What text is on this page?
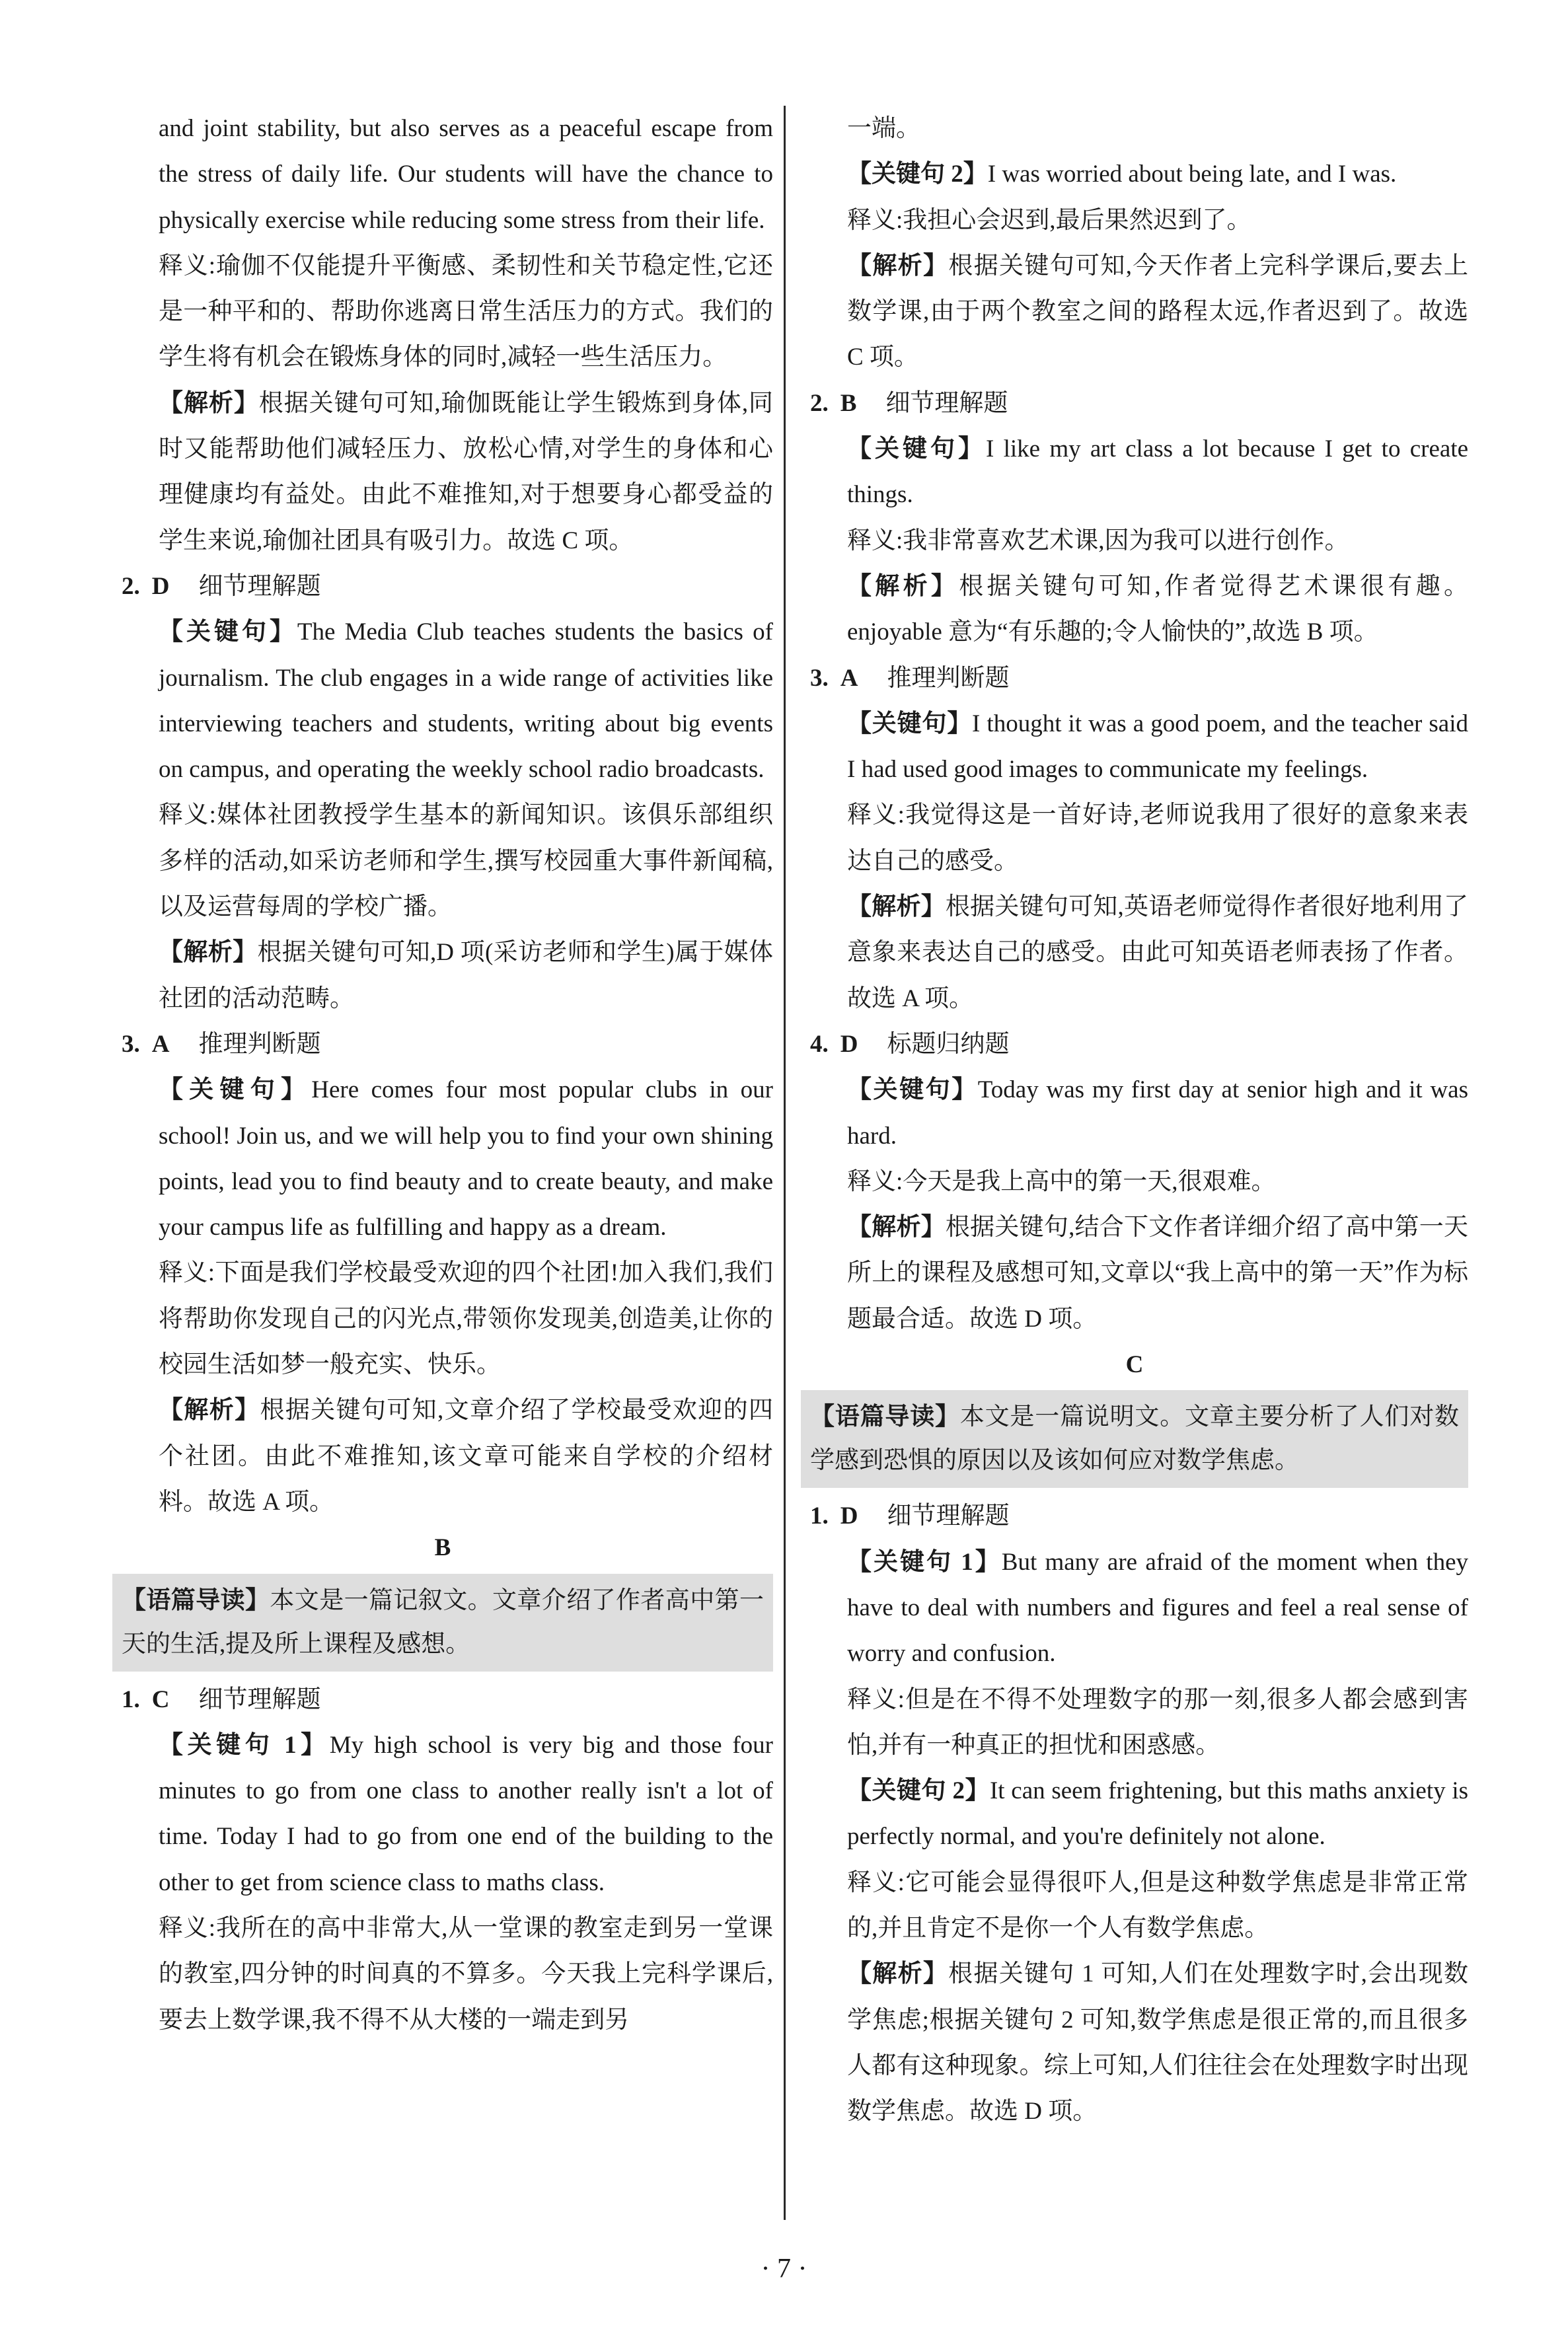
and joint stability, but also serves as a peaceful escape from the stress of daily life. Our students will have the chance to physically exercise while reducing some stress from their life.

释义:瑜伽不仅能提升平衡感、柔韧性和关节稳定性,它还是一种平和的、帮助你逃离日常生活压力的方式。我们的学生将有机会在锻炼身体的同时,减轻一些生活压力。

【解析】根据关键句可知,瑜伽既能让学生锻炼到身体,同时又能帮助他们减轻压力、放松心情,对学生的身体和心理健康均有益处。由此不难推知,对于想要身心都受益的学生来说,瑜伽社团具有吸引力。故选 C 项。

2. D 细节理解题

【关键句】The Media Club teaches students the basics of journalism. The club engages in a wide range of activities like interviewing teachers and students, writing about big events on campus, and operating the weekly school radio broadcasts.

释义:媒体社团教授学生基本的新闻知识。该俱乐部组织多样的活动,如采访老师和学生,撰写校园重大事件新闻稿,以及运营每周的学校广播。

【解析】根据关键句可知,D 项(采访老师和学生)属于媒体社团的活动范畴。

3. A 推理判断题

【关键句】Here comes four most popular clubs in our school! Join us, and we will help you to find your own shining points, lead you to find beauty and to create beauty, and make your campus life as fulfilling and happy as a dream.

释义:下面是我们学校最受欢迎的四个社团!加入我们,我们将帮助你发现自己的闪光点,带领你发现美,创造美,让你的校园生活如梦一般充实、快乐。

【解析】根据关键句可知,文章介绍了学校最受欢迎的四个社团。由此不难推知,该文章可能来自学校的介绍材料。故选 A 项。

B

【语篇导读】本文是一篇记叙文。文章介绍了作者高中第一天的生活,提及所上课程及感想。

1. C 细节理解题

【关键句 1】My high school is very big and those four minutes to go from one class to another really isn't a lot of time. Today I had to go from one end of the building to the other to get from science class to maths class.

释义:我所在的高中非常大,从一堂课的教室走到另一堂课的教室,四分钟的时间真的不算多。今天我上完科学课后,要去上数学课,我不得不从大楼的一端走到另

一端。

【关键句 2】I was worried about being late, and I was.

释义:我担心会迟到,最后果然迟到了。

【解析】根据关键句可知,今天作者上完科学课后,要去上数学课,由于两个教室之间的路程太远,作者迟到了。故选 C 项。

2. B 细节理解题

【关键句】I like my art class a lot because I get to create things.

释义:我非常喜欢艺术课,因为我可以进行创作。

【解析】根据关键句可知,作者觉得艺术课很有趣。enjoyable 意为“有乐趣的;令人愉快的”,故选 B 项。

3. A 推理判断题

【关键句】I thought it was a good poem, and the teacher said I had used good images to communicate my feelings.

释义:我觉得这是一首好诗,老师说我用了很好的意象来表达自己的感受。

【解析】根据关键句可知,英语老师觉得作者很好地利用了意象来表达自己的感受。由此可知英语老师表扬了作者。故选 A 项。

4. D 标题归纳题

【关键句】Today was my first day at senior high and it was hard.

释义:今天是我上高中的第一天,很艰难。

【解析】根据关键句,结合下文作者详细介绍了高中第一天所上的课程及感想可知,文章以“我上高中的第一天”作为标题最合适。故选 D 项。

C

【语篇导读】本文是一篇说明文。文章主要分析了人们对数学感到恐惧的原因以及该如何应对数学焦虑。

1. D 细节理解题

【关键句 1】But many are afraid of the moment when they have to deal with numbers and figures and feel a real sense of worry and confusion.

释义:但是在不得不处理数字的那一刻,很多人都会感到害怕,并有一种真正的担忧和困惑感。

【关键句 2】It can seem frightening, but this maths anxiety is perfectly normal, and you're definitely not alone.

释义:它可能会显得很吓人,但是这种数学焦虑是非常正常的,并且肯定不是你一个人有数学焦虑。

【解析】根据关键句 1 可知,人们在处理数字时,会出现数学焦虑;根据关键句 2 可知,数学焦虑是很正常的,而且很多人都有这种现象。综上可知,人们往往会在处理数字时出现数学焦虑。故选 D 项。

· 7 ·
